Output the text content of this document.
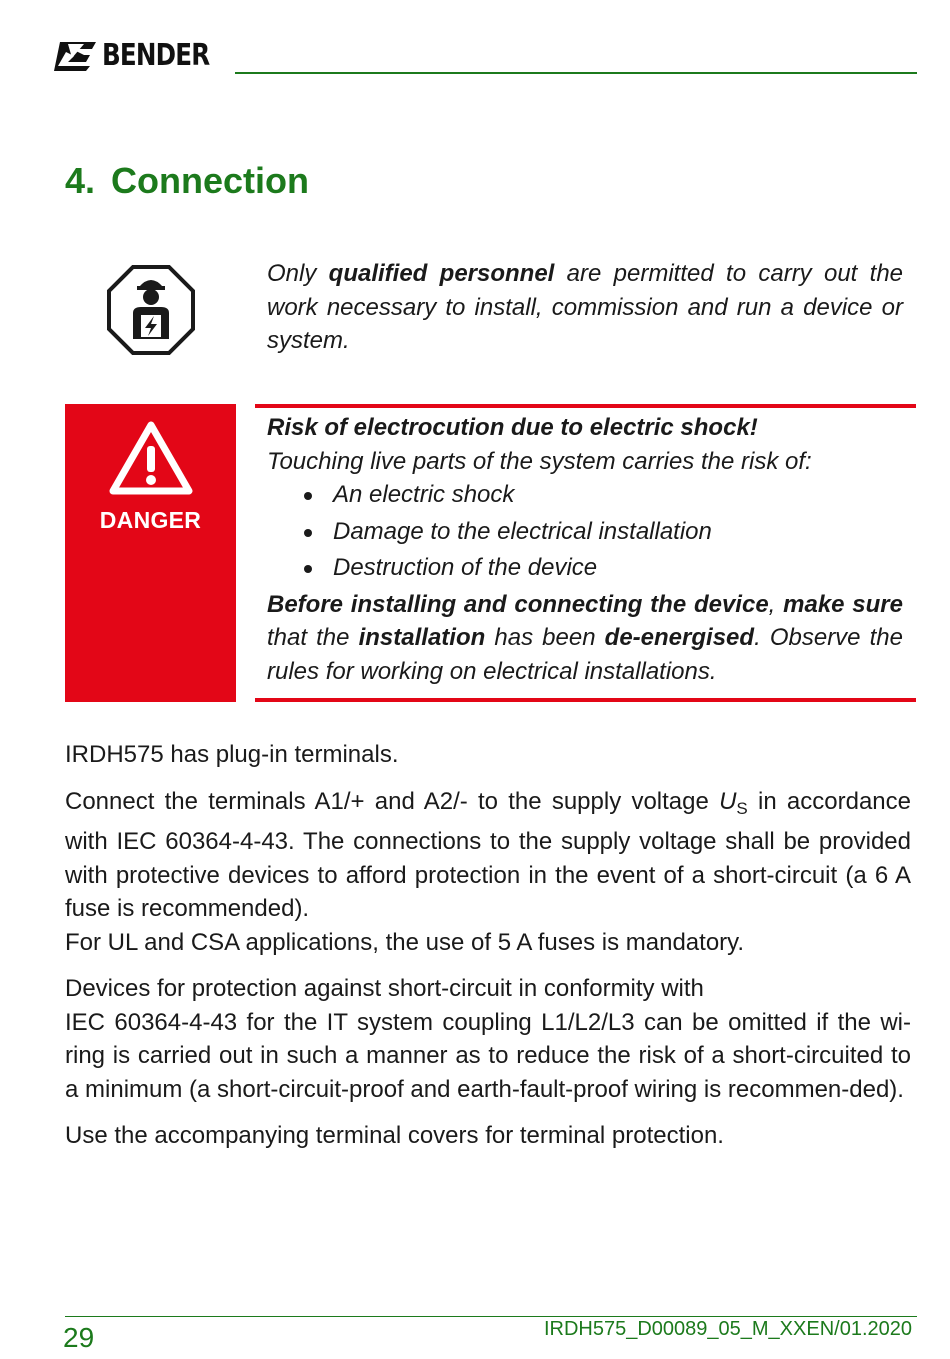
BENDER
4. Connection

Only qualified personnel are permitted to carry out the work necessary to install, commission and run a device or system.

DANGER

Risk of electrocution due to electric shock!

Touching live parts of the system carries the risk of:

An electric shock
Damage to the electrical installation
Destruction of the device

Before installing and connecting the device, make sure that the installation has been de-energised. Observe the rules for working on electrical installations.

IRDH575 has plug-in terminals.

Connect the terminals A1/+ and A2/- to the supply voltage $U_S$ in accordance with IEC 60364-4-43. The connections to the supply voltage shall be provided with protective devices to afford protection in the event of a short-circuit (a 6 A fuse is recommended).
For UL and CSA applications, the use of 5 A fuses is mandatory.

Devices for protection against short-circuit in conformity with
IEC 60364-4-43 for the IT system coupling L1/L2/L3 can be omitted if the wi-ring is carried out in such a manner as to reduce the risk of a short-circuited to a minimum (a short-circuit-proof and earth-fault-proof wiring is recommen-ded).

Use the accompanying terminal covers for terminal protection.

29	IRDH575_D00089_05_M_XXEN/01.2020
